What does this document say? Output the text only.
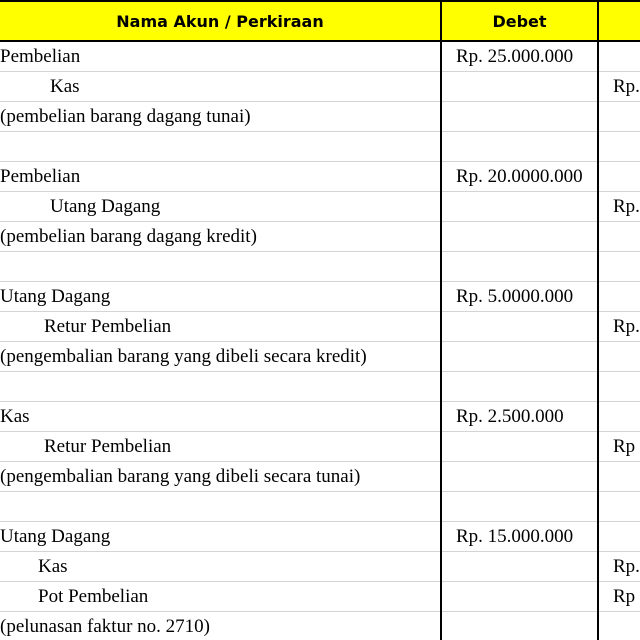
Nama Akun / Perkiraan	Debet	
Pembelian	Rp. 25.000.000	
Kas		Rp.
(pembelian barang dagang tunai)		

Pembelian	Rp. 20.0000.000	
Utang Dagang		Rp.
(pembelian barang dagang kredit)		

Utang Dagang	Rp. 5.0000.000	
Retur Pembelian		Rp.
(pengembalian barang yang dibeli secara kredit)		

Kas	Rp. 2.500.000	
Retur Pembelian		Rp
(pengembalian barang yang dibeli secara tunai)		

Utang Dagang	Rp. 15.000.000	
Kas		Rp.
Pot Pembelian		Rp
(pelunasan faktur no. 2710)		
